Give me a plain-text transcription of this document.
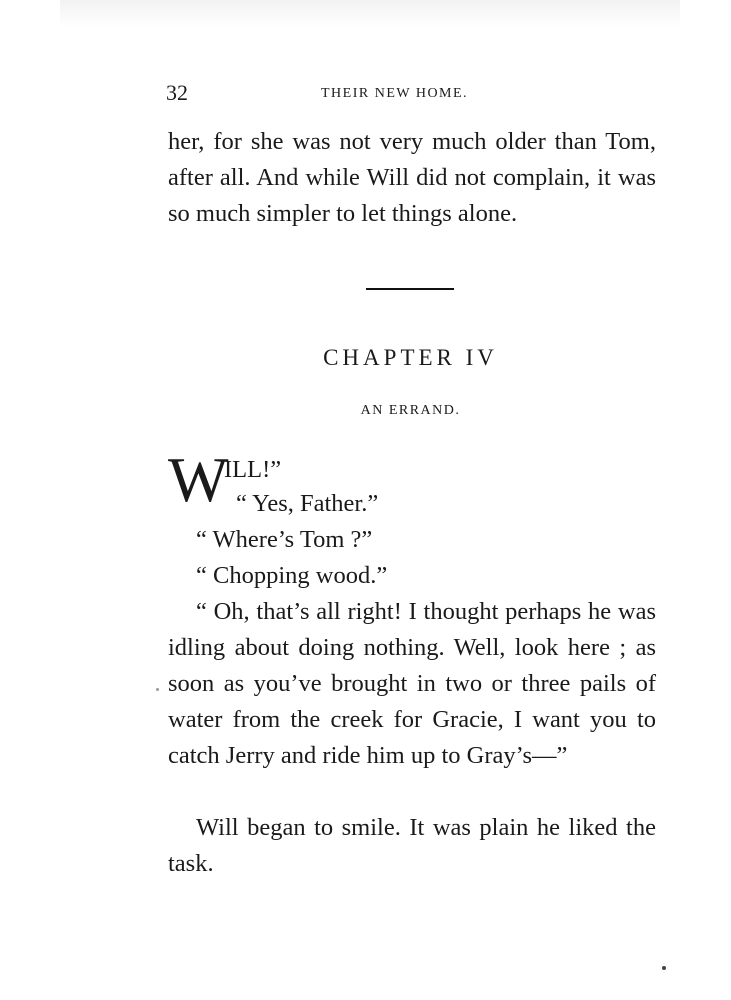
32	THEIR NEW HOME.

her, for she was not very much older than Tom, after all. And while Will did not complain, it was so much simpler to let things alone.

CHAPTER IV
AN ERRAND.
W
ILL!”
“ Yes, Father.”
“ Where’s Tom ?”
“ Chopping wood.”

“ Oh, that’s all right! I thought perhaps he was idling about doing nothing. Well, look here ; as soon as you’ve brought in two or three pails of water from the creek for Gracie, I want you to catch Jerry and ride him up to Gray’s—”

Will began to smile. It was plain he liked the task.
